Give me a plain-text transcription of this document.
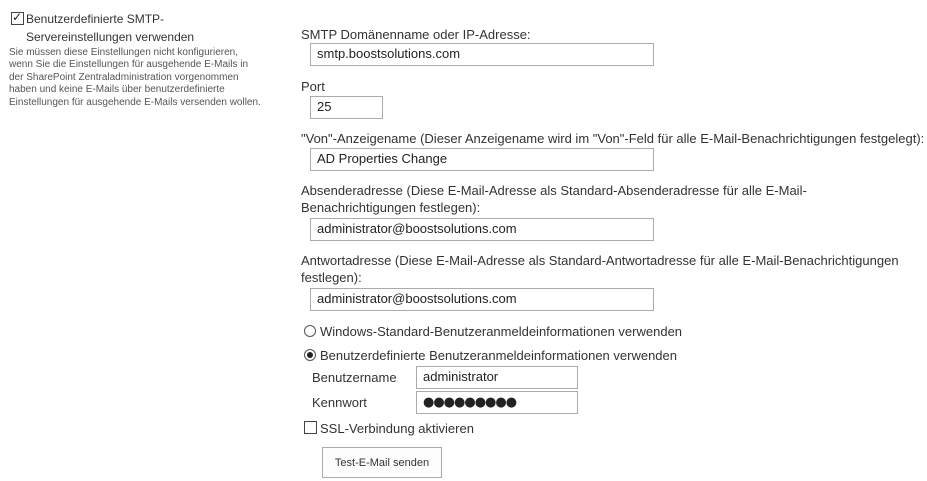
✓ Benutzerdefinierte SMTP-Servereinstellungen verwenden
Sie müssen diese Einstellungen nicht konfigurieren, wenn Sie die Einstellungen für ausgehende E-Mails in der SharePoint Zentraladministration vorgenommen haben und keine E-Mails über benutzerdefinierte Einstellungen für ausgehende E-Mails versenden wollen.
SMTP Domänenname oder IP-Adresse:
smtp.boostsolutions.com
Port
25
"Von"-Anzeigename (Dieser Anzeigename wird im "Von"-Feld für alle E-Mail-Benachrichtigungen festgelegt):
AD Properties Change
Absenderadresse (Diese E-Mail-Adresse als Standard-Absenderadresse für alle E-Mail-Benachrichtigungen festlegen):
administrator@boostsolutions.com
Antwortadresse (Diese E-Mail-Adresse als Standard-Antwortadresse für alle E-Mail-Benachrichtigungen festlegen):
administrator@boostsolutions.com
Windows-Standard-Benutzeranmeldeinformationen verwenden
Benutzerdefinierte Benutzeranmeldeinformationen verwenden
Benutzername	administrator
Kennwort	●●●●●●●●●
SSL-Verbindung aktivieren
Test-E-Mail senden
